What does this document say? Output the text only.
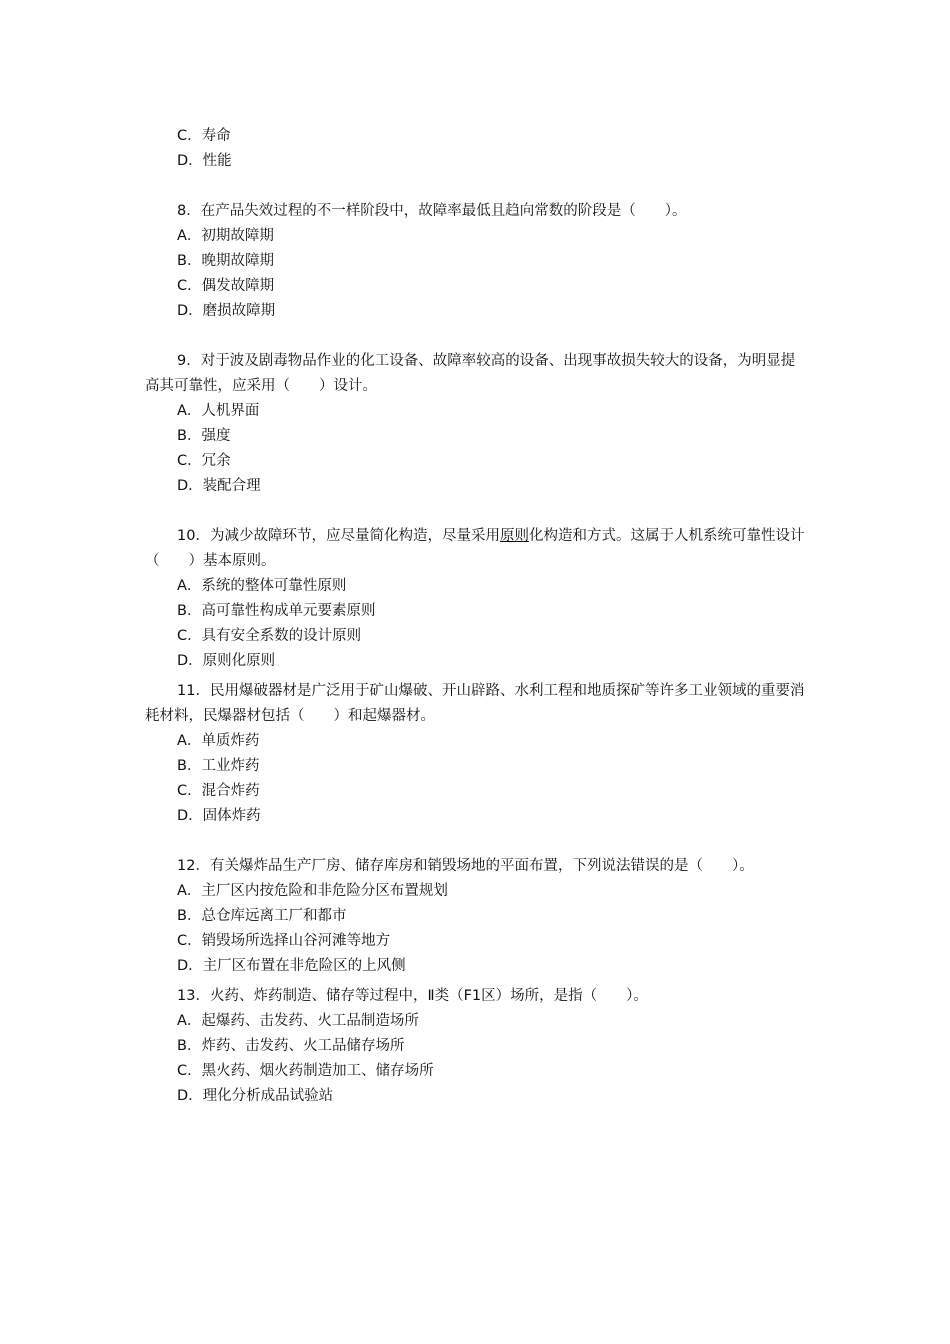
C．寿命
D．性能
8．在产品失效过程的不一样阶段中，故障率最低且趋向常数的阶段是（　　）。
A．初期故障期
B．晚期故障期
C．偶发故障期
D．磨损故障期
9．对于波及剧毒物品作业的化工设备、故障率较高的设备、出现事故损失较大的设备，为明显提高其可靠性，应采用（　　）设计。
A．人机界面
B．强度
C．冗余
D．装配合理
10．为减少故障环节，应尽量简化构造，尽量采用原则化构造和方式。这属于人机系统可靠性设计（　　）基本原则。
A．系统的整体可靠性原则
B．高可靠性构成单元要素原则
C．具有安全系数的设计原则
D．原则化原则
11．民用爆破器材是广泛用于矿山爆破、开山辟路、水利工程和地质探矿等许多工业领域的重要消耗材料，民爆器材包括（　　）和起爆器材。
A．单质炸药
B．工业炸药
C．混合炸药
D．固体炸药
12．有关爆炸品生产厂房、储存库房和销毁场地的平面布置，下列说法错误的是（　　）。
A．主厂区内按危险和非危险分区布置规划
B．总仓库远离工厂和都市
C．销毁场所选择山谷河滩等地方
D．主厂区布置在非危险区的上风侧
13．火药、炸药制造、储存等过程中，Ⅱ类（F1区）场所，是指（　　）。
A．起爆药、击发药、火工品制造场所
B．炸药、击发药、火工品储存场所
C．黑火药、烟火药制造加工、储存场所
D．理化分析成品试验站
